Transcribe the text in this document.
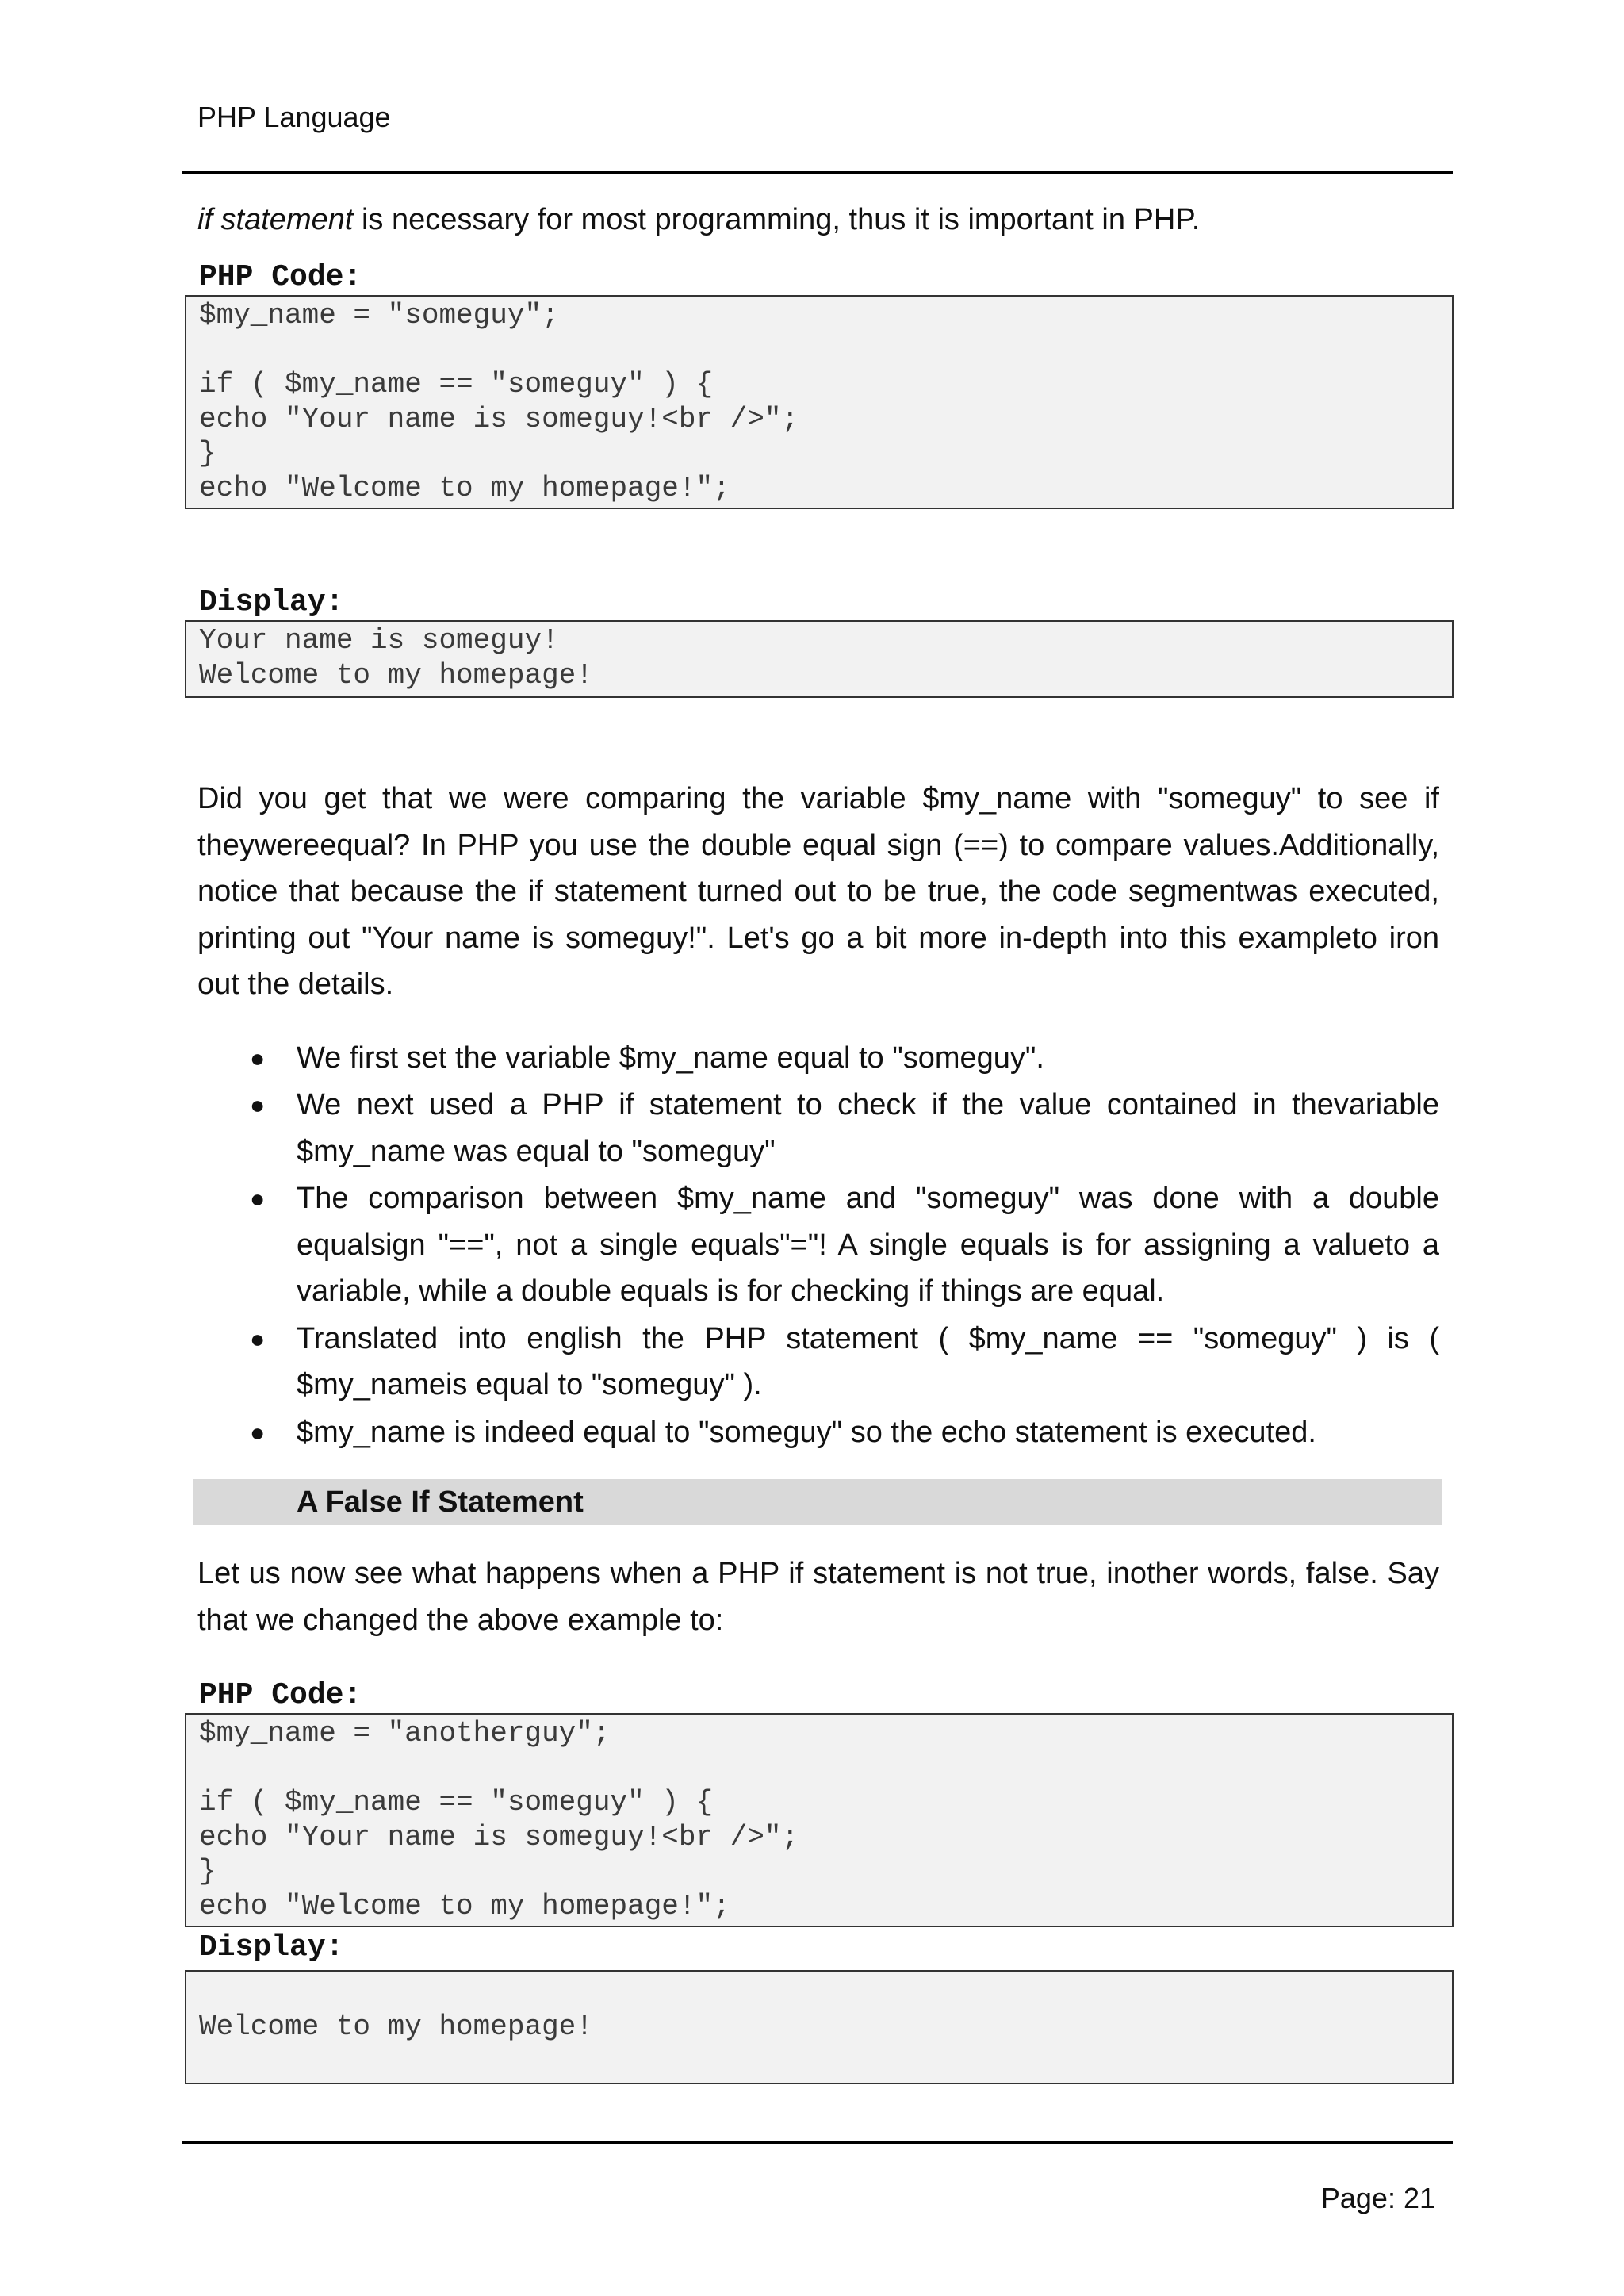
PHP Language

if statement is necessary for most programming, thus it is important in PHP.

PHP Code:
$my_name = "someguy";
if ( $my_name == "someguy" ) {
echo "Your name is someguy!<br />";
}
echo "Welcome to my homepage!";
Display:
Your name is someguy!
Welcome to my homepage!

Did you get that we were comparing the variable $my_name with "someguy" to see if theywereequal? In PHP you use the double equal sign (==) to compare values.Additionally, notice that because the if statement turned out to be true, the code segmentwas executed, printing out "Your name is someguy!". Let's go a bit more in-depth into this exampleto iron out the details.

● We first set the variable $my_name equal to "someguy".
● We next used a PHP if statement to check if the value contained in thevariable $my_name was equal to "someguy"
● The comparison between $my_name and "someguy" was done with a double equalsign "==", not a single equals"="! A single equals is for assigning a valueto a variable, while a double equals is for checking if things are equal.
● Translated into english the PHP statement ( $my_name == "someguy" ) is ( $my_nameis equal to "someguy" ).
● $my_name is indeed equal to "someguy" so the echo statement is executed.
A False If Statement

Let us now see what happens when a PHP if statement is not true, inother words, false. Say that we changed the above example to:

PHP Code:
$my_name = "anotherguy";
if ( $my_name == "someguy" ) {
echo "Your name is someguy!<br />";
}
echo "Welcome to my homepage!";
Display:
Welcome to my homepage!
Page: 21
